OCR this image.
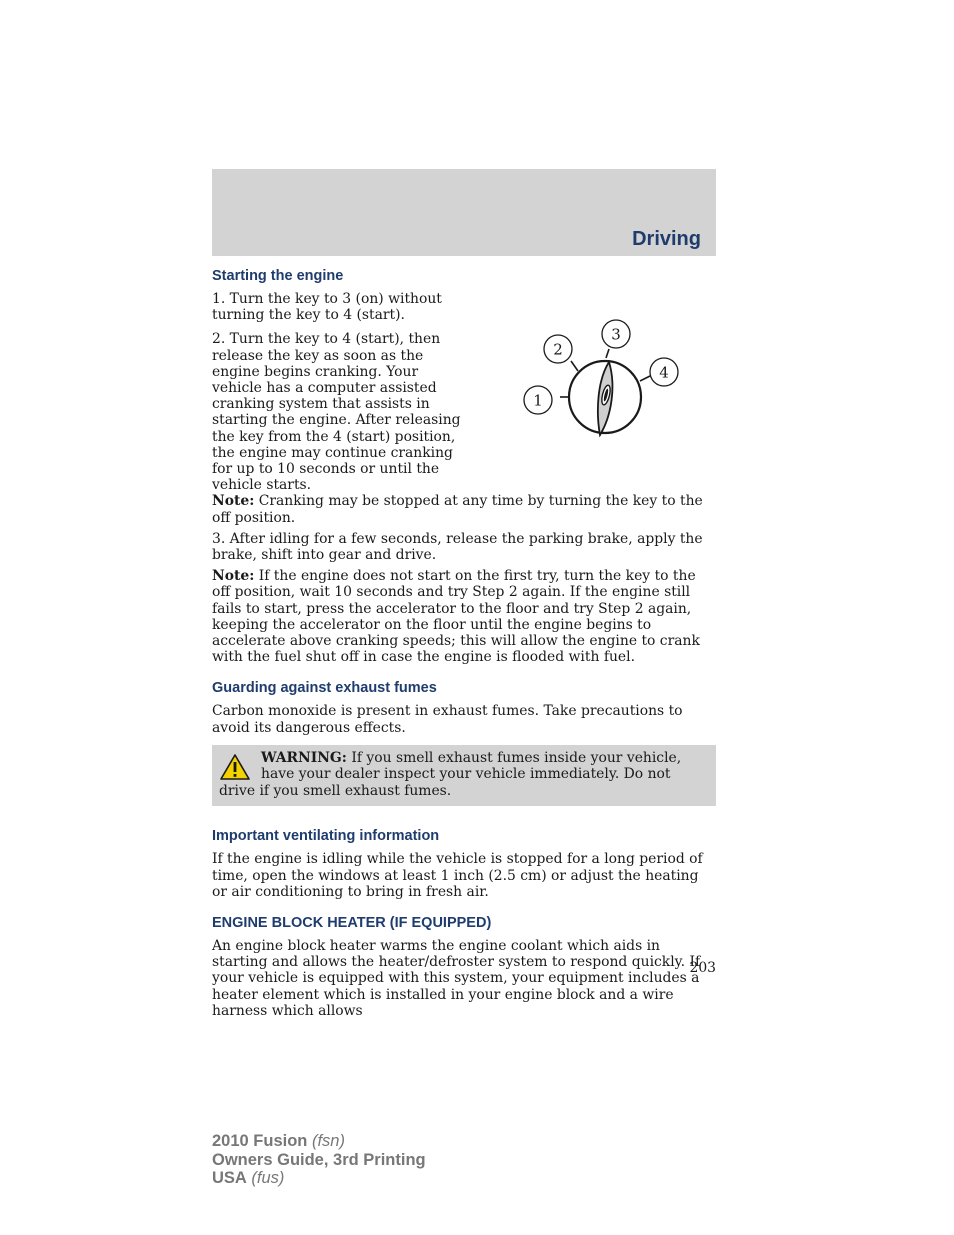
Driving
Starting the engine

1. Turn the key to 3 (on) without turning the key to 4 (start).

2. Turn the key to 4 (start), then release the key as soon as the engine begins cranking. Your vehicle has a computer assisted cranking system that assists in starting the engine. After releasing the key from the 4 (start) position, the engine may continue cranking for up to 10 seconds or until the vehicle starts.

1
2
3
4

Note: Cranking may be stopped at any time by turning the key to the off position.

3. After idling for a few seconds, release the parking brake, apply the brake, shift into gear and drive.

Note: If the engine does not start on the first try, turn the key to the off position, wait 10 seconds and try Step 2 again. If the engine still fails to start, press the accelerator to the floor and try Step 2 again, keeping the accelerator on the floor until the engine begins to accelerate above cranking speeds; this will allow the engine to crank with the fuel shut off in case the engine is flooded with fuel.

Guarding against exhaust fumes

Carbon monoxide is present in exhaust fumes. Take precautions to avoid its dangerous effects.

WARNING: If you smell exhaust fumes inside your vehicle, have your dealer inspect your vehicle immediately. Do not drive if you smell exhaust fumes.

Important ventilating information

If the engine is idling while the vehicle is stopped for a long period of time, open the windows at least 1 inch (2.5 cm) or adjust the heating or air conditioning to bring in fresh air.

ENGINE BLOCK HEATER (IF EQUIPPED)

An engine block heater warms the engine coolant which aids in starting and allows the heater/defroster system to respond quickly. If your vehicle is equipped with this system, your equipment includes a heater element which is installed in your engine block and a wire harness which allows

203
2010 Fusion (fsn)
Owners Guide, 3rd Printing
USA (fus)
